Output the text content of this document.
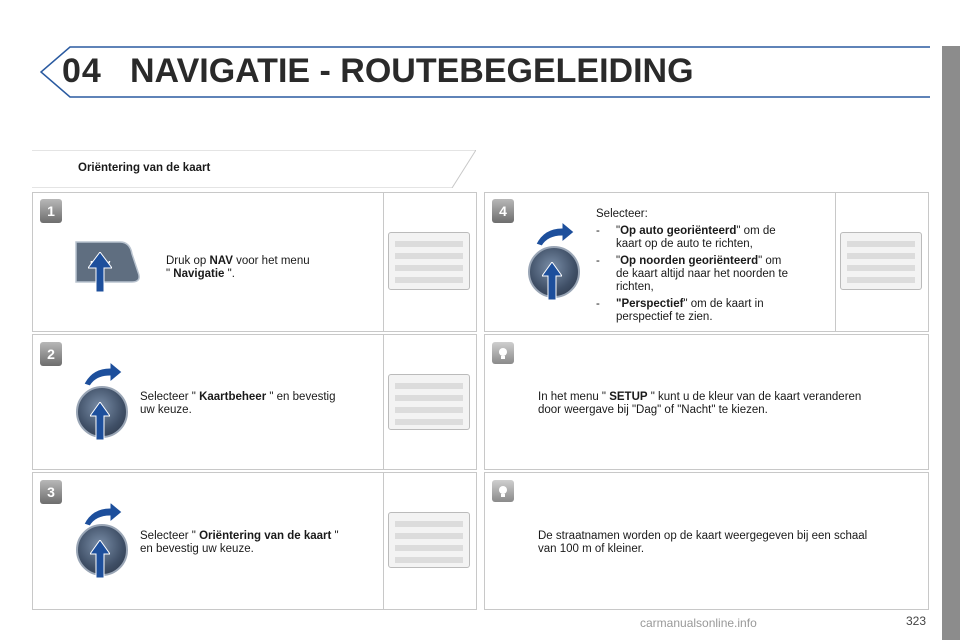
04 NAVIGATIE - ROUTEBEGELEIDING
Oriëntering van de kaart
1
Druk op NAV voor het menu
" Navigatie ".
2
Selecteer " Kaartbeheer " en bevestig
uw keuze.
3
Selecteer " Oriëntering van de kaart "
en bevestig uw keuze.
4	Selecteer:
-	"Op auto georiënteerd" om de
kaart op de auto te richten,
-	"Op noorden georiënteerd" om
de kaart altijd naar het noorden te
richten,
-	"Perspectief" om de kaart in
perspectief te zien.
In het menu " SETUP " kunt u de kleur van de kaart veranderen
door weergave bij "Dag" of "Nacht" te kiezen.
De straatnamen worden op de kaart weergegeven bij een schaal
van 100 m of kleiner.
carmanualsonline.info	323
